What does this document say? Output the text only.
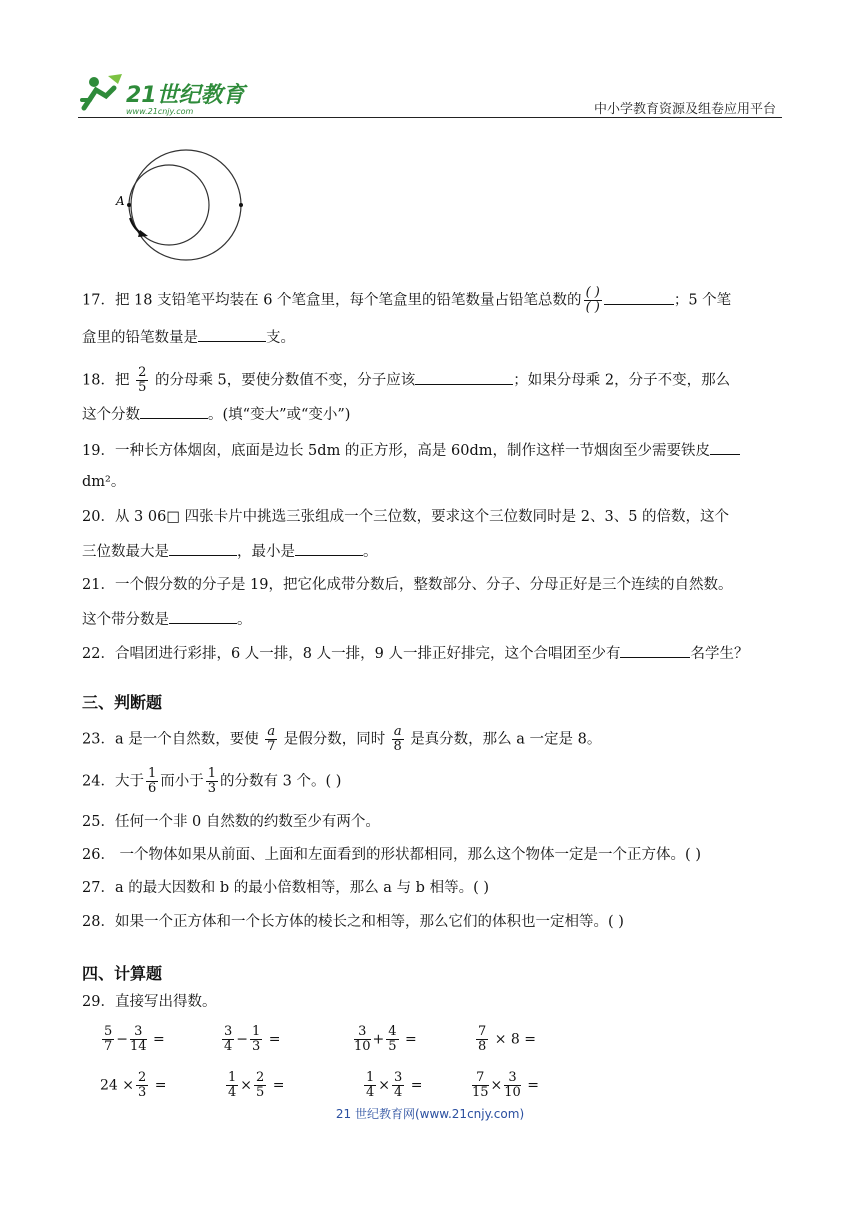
21世纪教育
www.21cnjy.com	中小学教育资源及组卷应用平台
A
17．把 18 支铅笔平均装在 6 个笔盒里，每个笔盒里的铅笔数量占铅笔总数的 $\frac{( )}{( )}$	；5 个笔
盒里的铅笔数量是	支。
18．把 $\frac{2}{5}$ 的分母乘 5，要使分数值不变，分子应该	；如果分母乘 2，分子不变，那么
这个分数	。(填“变大”或“变小”)
19．一种长方体烟囱，底面是边长 5dm 的正方形，高是 60dm，制作这样一节烟囱至少需要铁皮
dm²。
20．从 3 06□ 四张卡片中挑选三张组成一个三位数，要求这个三位数同时是 2、3、5 的倍数，这个
三位数最大是	，最小是	。
21．一个假分数的分子是 19，把它化成带分数后，整数部分、分子、分母正好是三个连续的自然数。
这个带分数是	。
22．合唱团进行彩排，6 人一排，8 人一排，9 人一排正好排完，这个合唱团至少有	名学生？
三、判断题
23．a 是一个自然数，要使 $\frac{a}{7}$ 是假分数，同时 $\frac{a}{8}$ 是真分数，那么 a 一定是 8。
24．大于 $\frac{1}{6}$ 而小于 $\frac{1}{3}$ 的分数有 3 个。( )
25．任何一个非 0 自然数的约数至少有两个。
26． 一个物体如果从前面、上面和左面看到的形状都相同，那么这个物体一定是一个正方体。( )
27．a 的最大因数和 b 的最小倍数相等，那么 a 与 b 相等。( )
28．如果一个正方体和一个长方体的棱长之和相等，那么它们的体积也一定相等。( )
四、计算题
29．直接写出得数。
$\frac{5}{7} - \frac{3}{14}$ =	$\frac{3}{4} - \frac{1}{3}$ =	$\frac{3}{10} + \frac{4}{5}$ =	$\frac{7}{8} \times 8$ =
$24 \times \frac{2}{3}$ =	$\frac{1}{4} \times \frac{2}{5}$ =	$\frac{1}{4} \times \frac{3}{4}$ =	$\frac{7}{15} \times \frac{3}{10}$ =
21 世纪教育网(www.21cnjy.com)
